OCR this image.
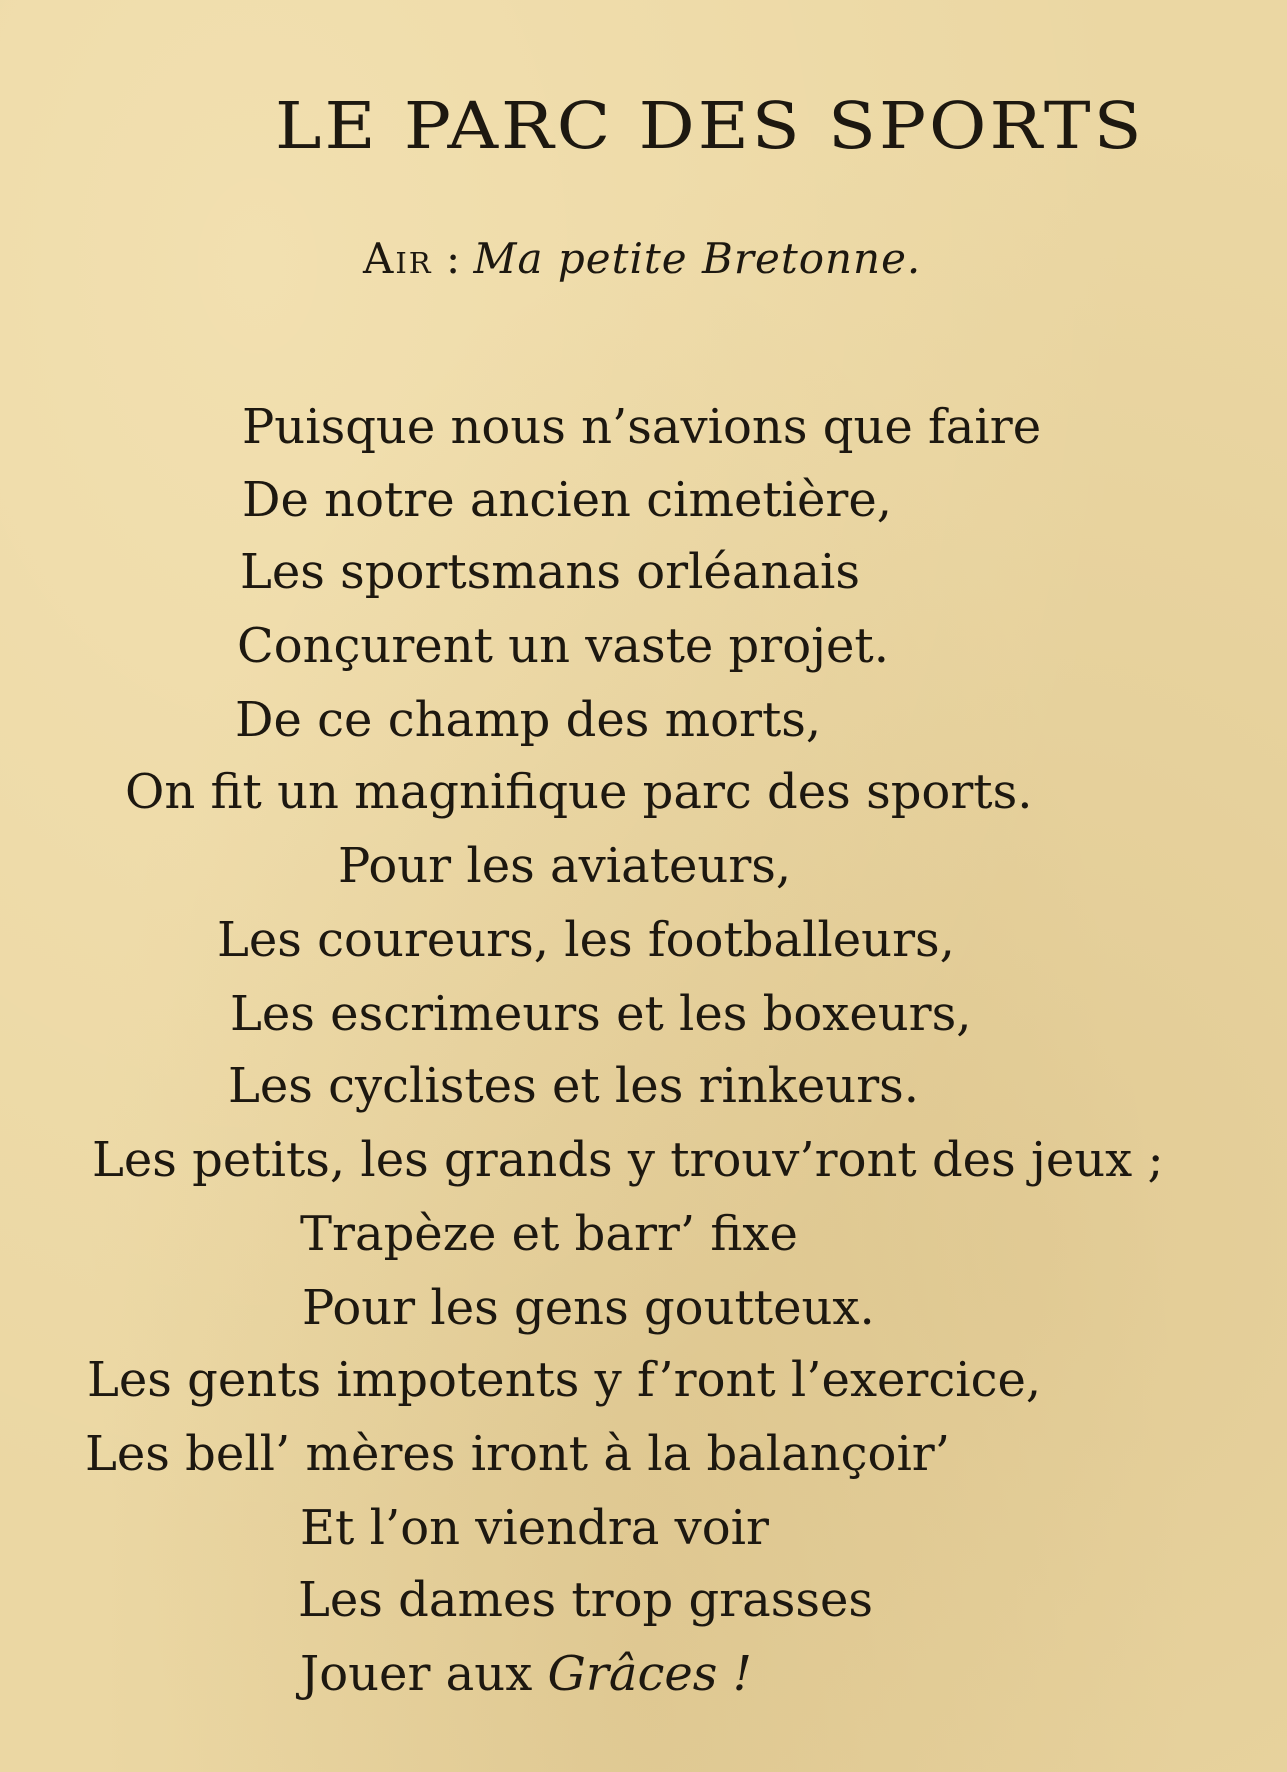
LE PARC DES SPORTS
Air : Ma petite Bretonne.
Puisque nous n’savions que faire
De notre ancien cimetière,
Les sportsmans orléanais
Conçurent un vaste projet.
De ce champ des morts,
On fit un magnifique parc des sports.
Pour les aviateurs,
Les coureurs, les footballeurs,
Les escrimeurs et les boxeurs,
Les cyclistes et les rinkeurs.
Les petits, les grands y trouv’ront des jeux ;
Trapèze et barr’ fixe
Pour les gens goutteux.
Les gents impotents y f’ront l’exercice,
Les bell’ mères iront à la balançoir’
Et l’on viendra voir
Les dames trop grasses
Jouer aux Grâces !
